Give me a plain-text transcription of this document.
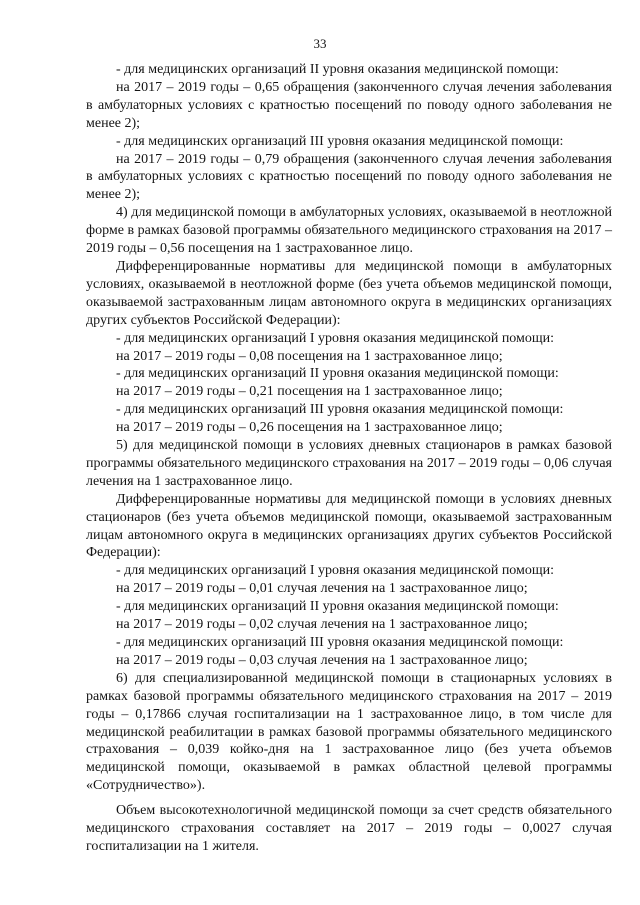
33

- для медицинских организаций II уровня оказания медицинской помощи:

на 2017 – 2019 годы – 0,65 обращения (законченного случая лечения заболевания в амбулаторных условиях с кратностью посещений по поводу одного заболевания не менее 2);

- для медицинских организаций III уровня оказания медицинской помощи:

на 2017 – 2019 годы – 0,79 обращения (законченного случая лечения заболевания в амбулаторных условиях с кратностью посещений по поводу одного заболевания не менее 2);

4) для медицинской помощи в амбулаторных условиях, оказываемой в неотложной форме в рамках базовой программы обязательного медицинского страхования на 2017 – 2019 годы – 0,56 посещения на 1 застрахованное лицо.

Дифференцированные нормативы для медицинской помощи в амбулаторных условиях, оказываемой в неотложной форме (без учета объемов медицинской помощи, оказываемой застрахованным лицам автономного округа в медицинских организациях других субъектов Российской Федерации):

- для медицинских организаций I уровня оказания медицинской помощи:

на 2017 – 2019 годы – 0,08 посещения на 1 застрахованное лицо;

- для медицинских организаций II уровня оказания медицинской помощи:

на 2017 – 2019 годы – 0,21 посещения на 1 застрахованное лицо;

- для медицинских организаций III уровня оказания медицинской помощи:

на 2017 – 2019 годы – 0,26 посещения на 1 застрахованное лицо;

5) для медицинской помощи в условиях дневных стационаров в рамках базовой программы обязательного медицинского страхования на 2017 – 2019 годы – 0,06 случая лечения на 1 застрахованное лицо.

Дифференцированные нормативы для медицинской помощи в условиях дневных стационаров (без учета объемов медицинской помощи, оказываемой застрахованным лицам автономного округа в медицинских организациях других субъектов Российской Федерации):

- для медицинских организаций I уровня оказания медицинской помощи:

на 2017 – 2019 годы – 0,01 случая лечения на 1 застрахованное лицо;

- для медицинских организаций II уровня оказания медицинской помощи:

на 2017 – 2019 годы – 0,02 случая лечения на 1 застрахованное лицо;

- для медицинских организаций III уровня оказания медицинской помощи:

на 2017 – 2019 годы – 0,03 случая лечения на 1 застрахованное лицо;

6) для специализированной медицинской помощи в стационарных условиях в рамках базовой программы обязательного медицинского страхования на 2017 – 2019 годы – 0,17866 случая госпитализации на 1 застрахованное лицо, в том числе для медицинской реабилитации в рамках базовой программы обязательного медицинского страхования – 0,039 койко-дня на 1 застрахованное лицо (без учета объемов медицинской помощи, оказываемой в рамках областной целевой программы «Сотрудничество»).

Объем высокотехнологичной медицинской помощи за счет средств обязательного медицинского страхования составляет на 2017 – 2019 годы – 0,0027 случая госпитализации на 1 жителя.
